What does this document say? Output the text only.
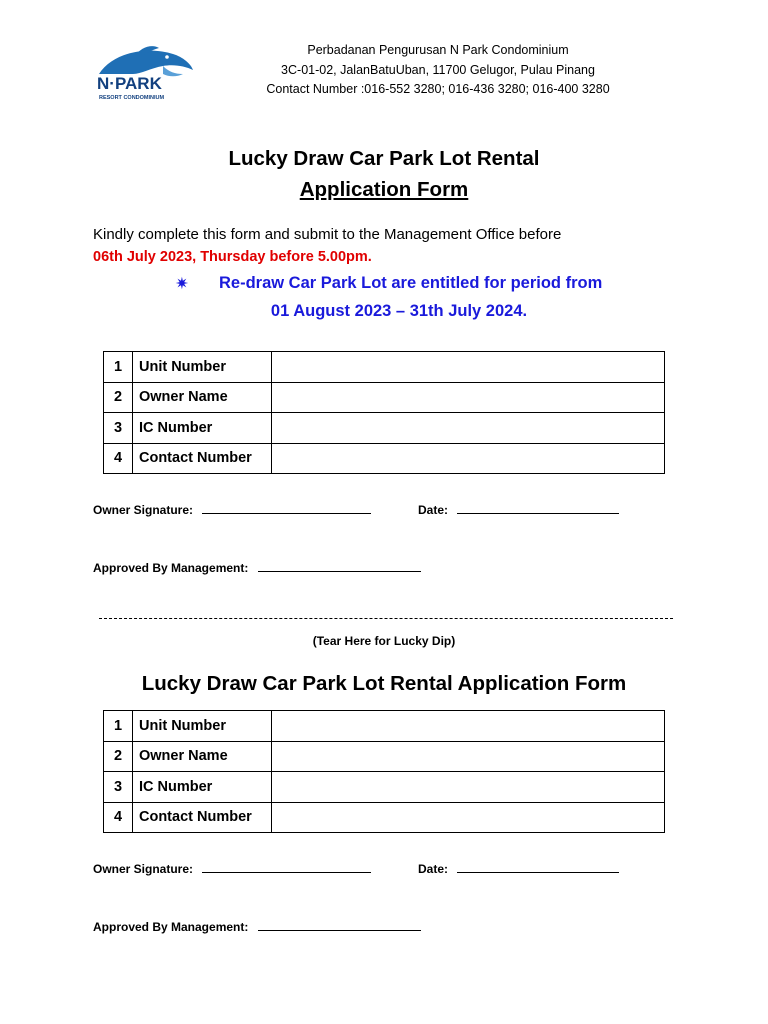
N·PARK
RESORT CONDOMINIUM
Perbadanan Pengurusan N Park Condominium
3C-01-02, JalanBatuUban, 11700 Gelugor, Pulau Pinang
Contact Number :016-552 3280; 016-436 3280; 016-400 3280
Lucky Draw Car Park Lot Rental
Application Form
Kindly complete this form and submit to the Management Office before
06th July 2023, Thursday before 5.00pm.
✷ Re-draw Car Park Lot are entitled for period from
01 August 2023 – 31th July 2024.
1	Unit Number	
2	Owner Name	
3	IC Number	
4	Contact Number	
Owner Signature:	Date:
Approved By Management:
(Tear Here for Lucky Dip)
Lucky Draw Car Park Lot Rental Application Form
1	Unit Number	
2	Owner Name	
3	IC Number	
4	Contact Number	
Owner Signature:	Date:
Approved By Management:
